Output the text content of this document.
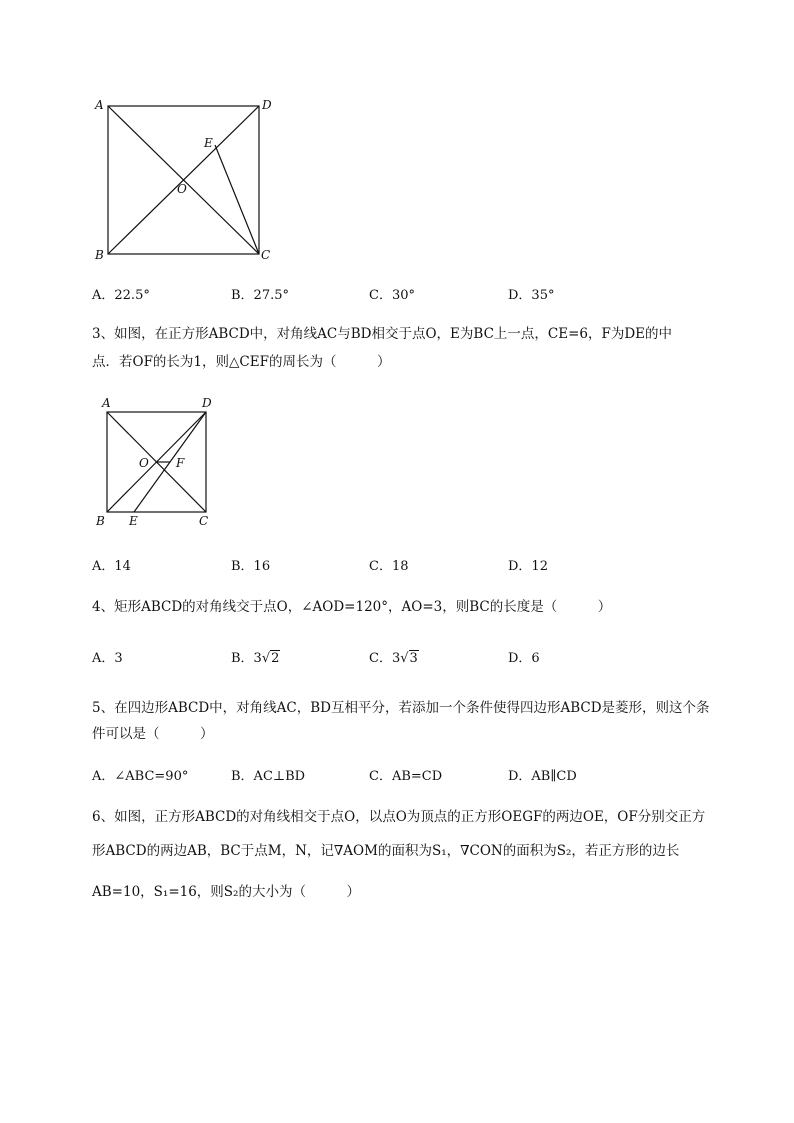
A	D
E
O
B	C
A．22.5°	B．27.5°	C．30°	D．35°
3、如图，在正方形ABCD中，对角线AC与BD相交于点O，E为BC上一点，CE=6，F为DE的中
点．若OF的长为1，则△CEF的周长为（　　　）
A	D
O F
B E	C
A．14	B．16	C．18	D．12
4、矩形ABCD的对角线交于点O，∠AOD=120°，AO=3，则BC的长度是（　　　）
A．3	B．3√2	C．3√3	D．6
5、在四边形ABCD中，对角线AC，BD互相平分，若添加一个条件使得四边形ABCD是菱形，则这个条
件可以是（　　　）
A．∠ABC=90°	B．AC⊥BD	C．AB=CD	D．AB∥CD
6、如图，正方形ABCD的对角线相交于点O，以点O为顶点的正方形OEGF的两边OE，OF分别交正方
形ABCD的两边AB，BC于点M，N，记∇AOM的面积为S₁，∇CON的面积为S₂，若正方形的边长
AB=10，S₁=16，则S₂的大小为（　　　）
